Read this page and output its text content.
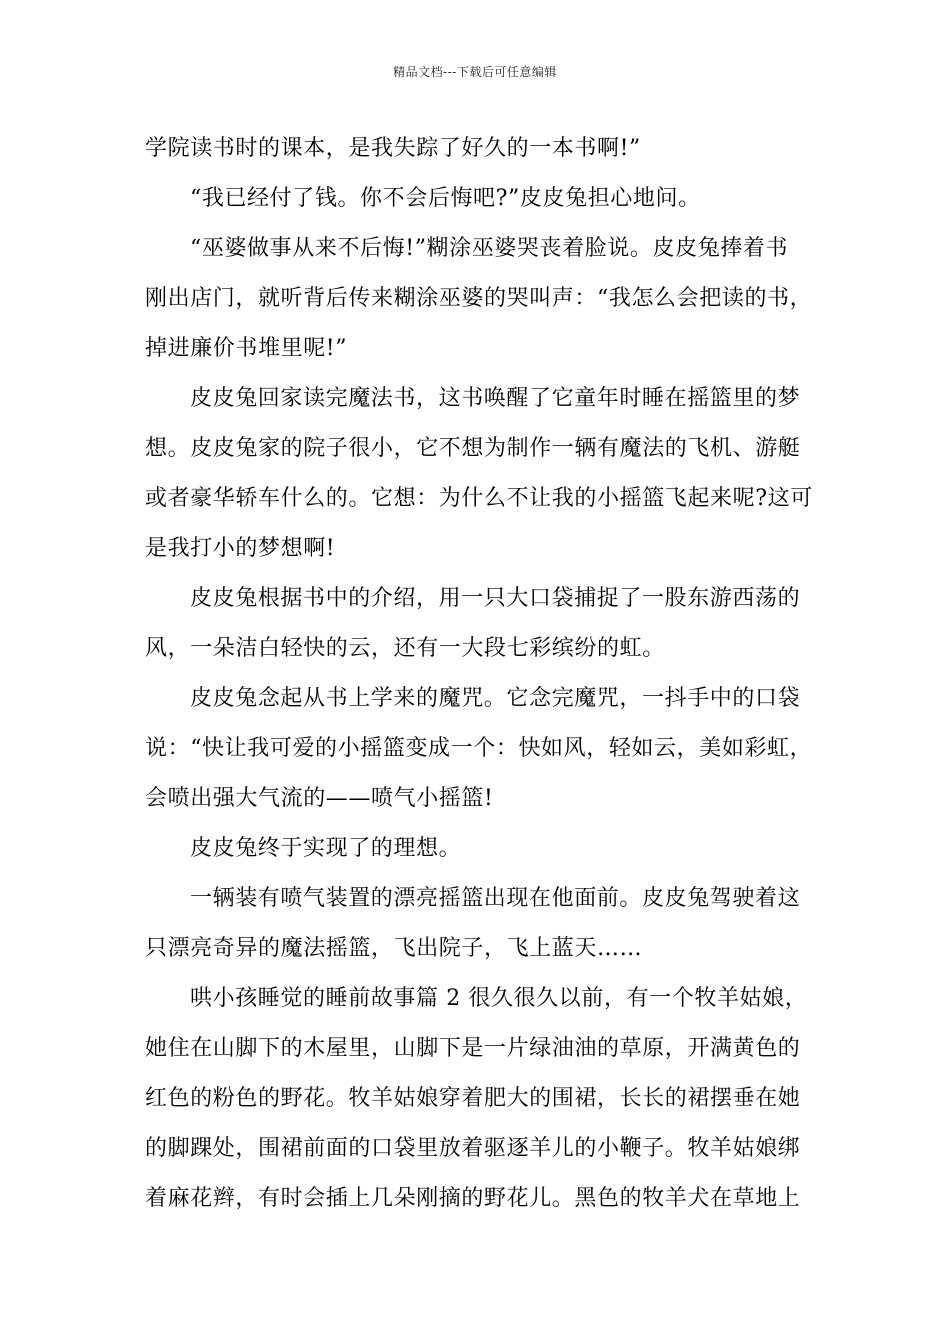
精品文档---下载后可任意编辑
学院读书时的课本，是我失踪了好久的一本书啊!”
“我已经付了钱。你不会后悔吧?”皮皮兔担心地问。
“巫婆做事从来不后悔!”糊涂巫婆哭丧着脸说。皮皮兔捧着书
刚出店门，就听背后传来糊涂巫婆的哭叫声：“我怎么会把读的书，
掉进廉价书堆里呢!”
皮皮兔回家读完魔法书，这书唤醒了它童年时睡在摇篮里的梦
想。皮皮兔家的院子很小，它不想为制作一辆有魔法的飞机、游艇
或者豪华轿车什么的。它想：为什么不让我的小摇篮飞起来呢?这可
是我打小的梦想啊!
皮皮兔根据书中的介绍，用一只大口袋捕捉了一股东游西荡的
风，一朵洁白轻快的云，还有一大段七彩缤纷的虹。
皮皮兔念起从书上学来的魔咒。它念完魔咒，一抖手中的口袋
说：“快让我可爱的小摇篮变成一个：快如风，轻如云，美如彩虹，
会喷出强大气流的——喷气小摇篮!
皮皮兔终于实现了的理想。
一辆装有喷气装置的漂亮摇篮出现在他面前。皮皮兔驾驶着这
只漂亮奇异的魔法摇篮，飞出院子，飞上蓝天……
哄小孩睡觉的睡前故事篇 2 很久很久以前，有一个牧羊姑娘，
她住在山脚下的木屋里，山脚下是一片绿油油的草原，开满黄色的
红色的粉色的野花。牧羊姑娘穿着肥大的围裙，长长的裙摆垂在她
的脚踝处，围裙前面的口袋里放着驱逐羊儿的小鞭子。牧羊姑娘绑
着麻花辫，有时会插上几朵刚摘的野花儿。黑色的牧羊犬在草地上
